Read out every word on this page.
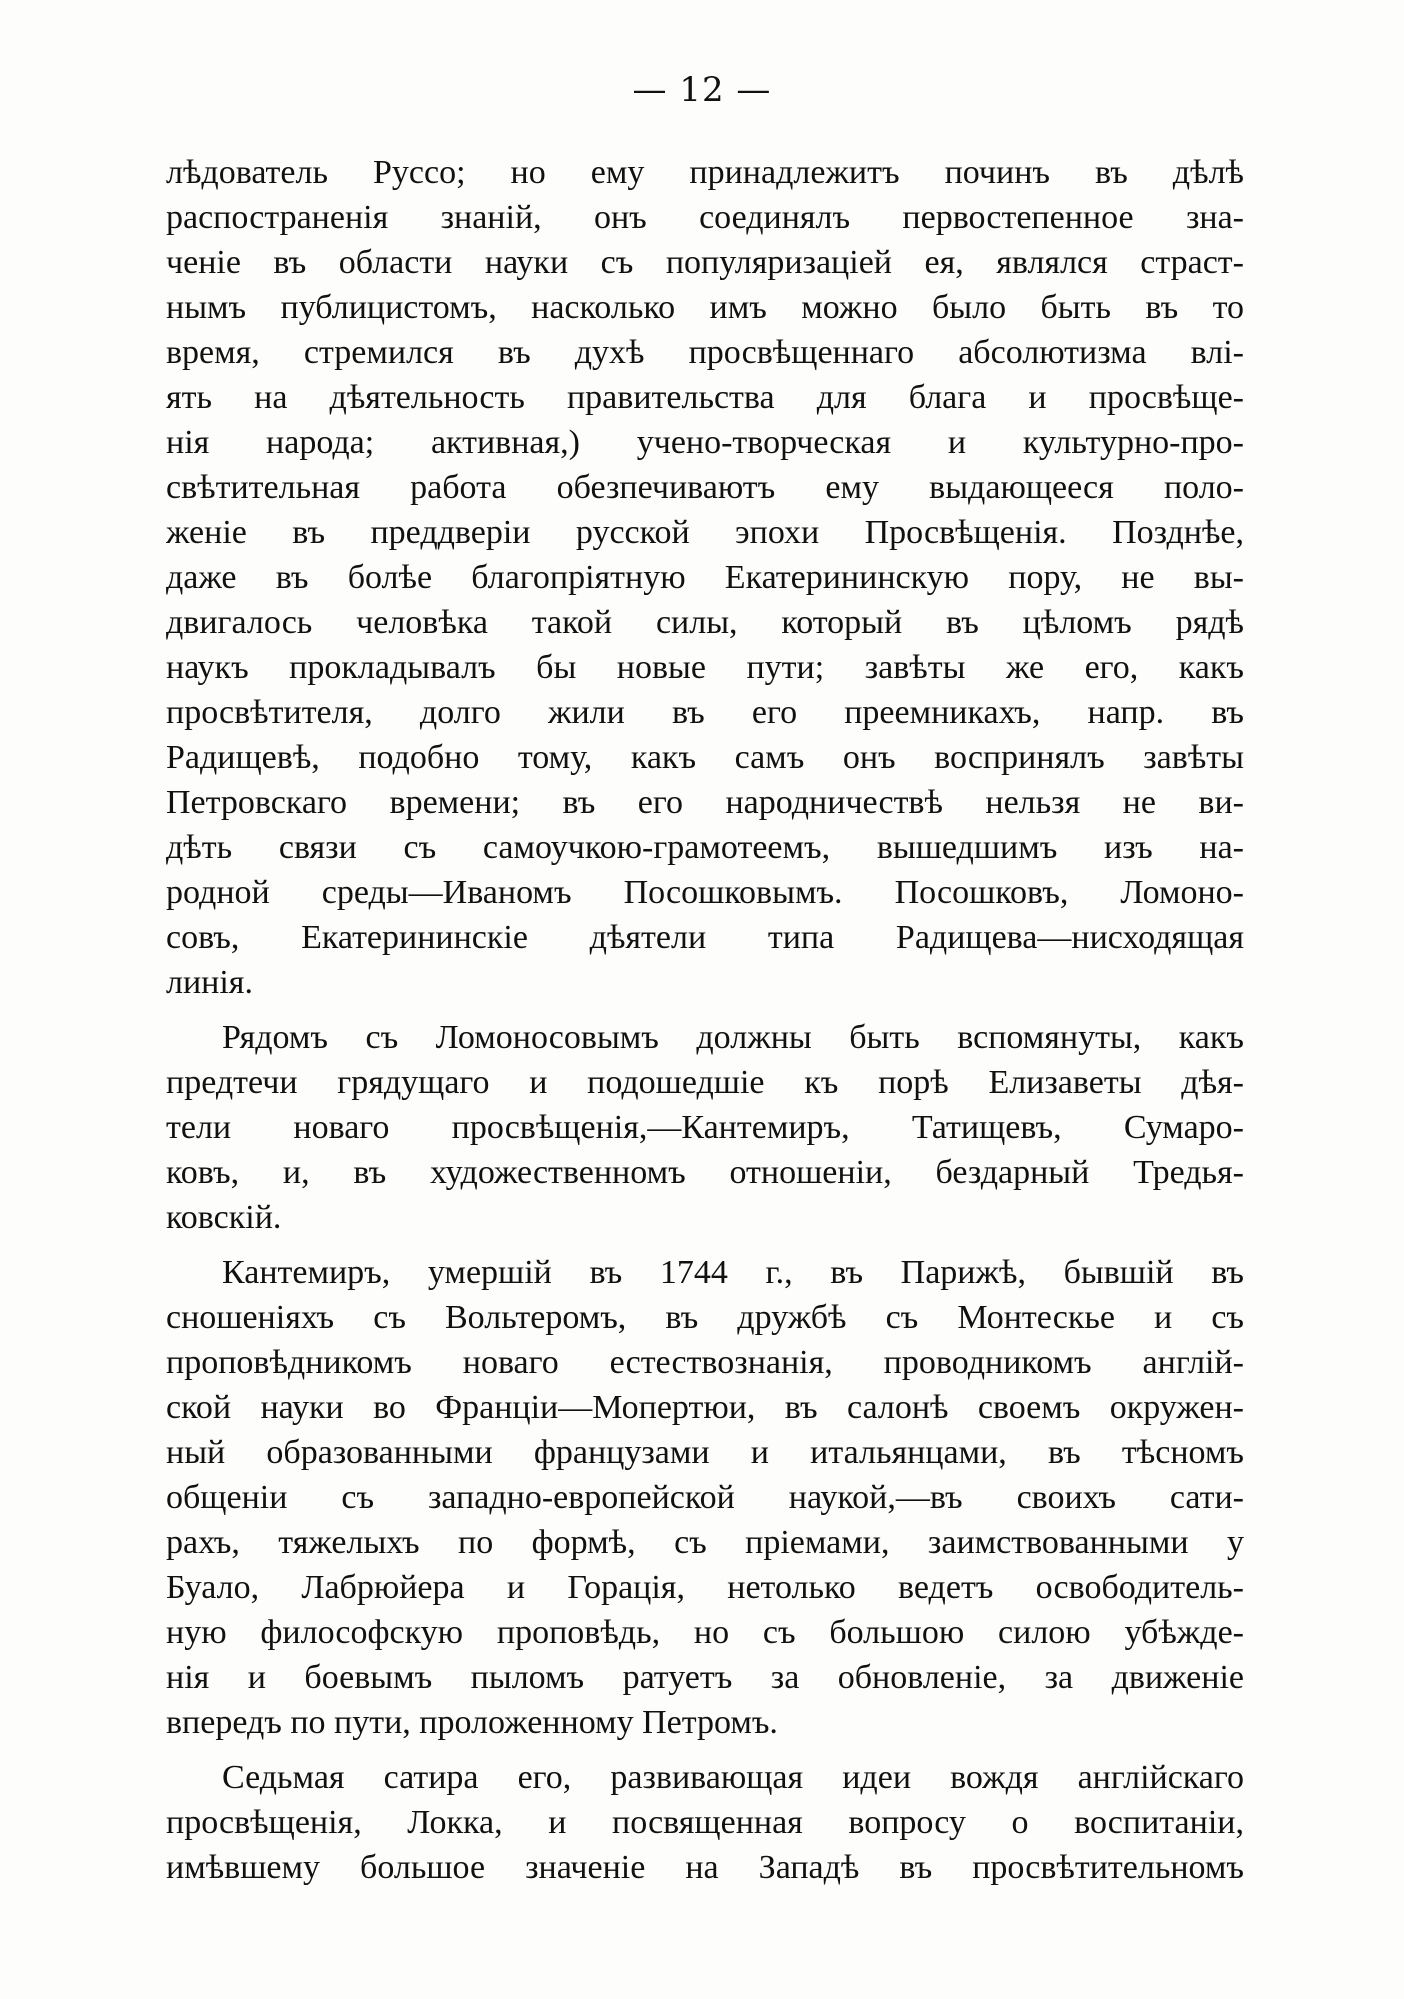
— 12 —
лѣдователь Руссо; но ему принадлежитъ починъ въ дѣлѣ
распостраненія знаній, онъ соединялъ первостепенное зна-
ченіе въ области науки съ популяризаціей ея, являлся страст-
нымъ публицистомъ, насколько имъ можно было быть въ то
время, стремился въ духѣ просвѣщеннаго абсолютизма влі-
ять на дѣятельность правительства для блага и просвѣще-
нія народа; активная,) учено-творческая и культурно-про-
свѣтительная работа обезпечиваютъ ему выдающееся поло-
женіе въ преддверіи русской эпохи Просвѣщенія. Позднѣе,
даже въ болѣе благопріятную Екатерининскую пору, не вы-
двигалось человѣка такой силы, который въ цѣломъ рядѣ
наукъ прокладывалъ бы новые пути; завѣты же его, какъ
просвѣтителя, долго жили въ его преемникахъ, напр. въ
Радищевѣ, подобно тому, какъ самъ онъ воспринялъ завѣты
Петровскаго времени; въ его народничествѣ нельзя не ви-
дѣть связи съ самоучкою-грамотеемъ, вышедшимъ изъ на-
родной среды—Иваномъ Посошковымъ. Посошковъ, Ломоно-
совъ, Екатерининскіе дѣятели типа Радищева—нисходящая
линія.
Рядомъ съ Ломоносовымъ должны быть вспомянуты, какъ
предтечи грядущаго и подошедшіе къ порѣ Елизаветы дѣя-
тели новаго просвѣщенія,—Кантемиръ, Татищевъ, Сумаро-
ковъ, и, въ художественномъ отношеніи, бездарный Тредья-
ковскій.
Кантемиръ, умершій въ 1744 г., въ Парижѣ, бывшій въ
сношеніяхъ съ Вольтеромъ, въ дружбѣ съ Монтескье и съ
проповѣдникомъ новаго естествознанія, проводникомъ англій-
ской науки во Франціи—Мопертюи, въ салонѣ своемъ окружен-
ный образованными французами и итальянцами, въ тѣсномъ
общеніи съ западно-европейской наукой,—въ своихъ сати-
рахъ, тяжелыхъ по формѣ, съ пріемами, заимствованными у
Буало, Лабрюйера и Горація, нетолько ведетъ освободитель-
ную философскую проповѣдь, но съ большою силою убѣжде-
нія и боевымъ пыломъ ратуетъ за обновленіе, за движеніе
впередъ по пути, проложенному Петромъ.
Седьмая сатира его, развивающая идеи вождя англійскаго
просвѣщенія, Локка, и посвященная вопросу о воспитаніи,
имѣвшему большое значеніе на Западѣ въ просвѣтительномъ
